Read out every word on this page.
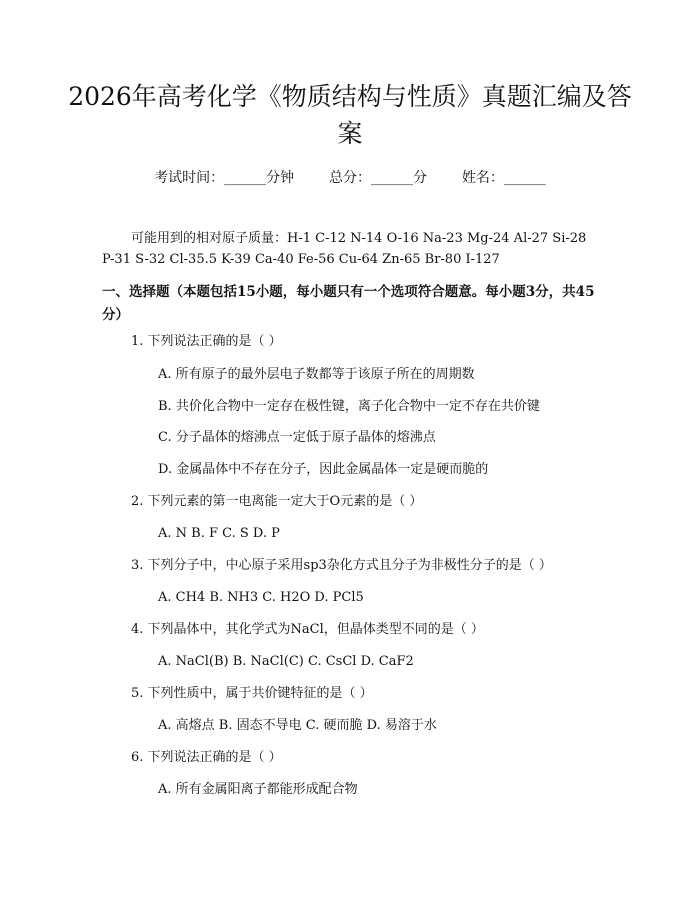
2026年高考化学《物质结构与性质》真题汇编及答案
考试时间：______分钟 总分：______分 姓名：______
可能用到的相对原子质量：H-1 C-12 N-14 O-16 Na-23 Mg-24 Al-27 Si-28
P-31 S-32 Cl-35.5 K-39 Ca-40 Fe-56 Cu-64 Zn-65 Br-80 I-127
一、选择题（本题包括15小题，每小题只有一个选项符合题意。每小题3分，共45分）
1. 下列说法正确的是（ ）
A. 所有原子的最外层电子数都等于该原子所在的周期数
B. 共价化合物中一定存在极性键，离子化合物中一定不存在共价键
C. 分子晶体的熔沸点一定低于原子晶体的熔沸点
D. 金属晶体中不存在分子，因此金属晶体一定是硬而脆的
2. 下列元素的第一电离能一定大于O元素的是（ ）
A. N B. F C. S D. P
3. 下列分子中，中心原子采用sp3杂化方式且分子为非极性分子的是（ ）
A. CH4 B. NH3 C. H2O D. PCl5
4. 下列晶体中，其化学式为NaCl，但晶体类型不同的是（ ）
A. NaCl(B) B. NaCl(C) C. CsCl D. CaF2
5. 下列性质中，属于共价键特征的是（ ）
A. 高熔点 B. 固态不导电 C. 硬而脆 D. 易溶于水
6. 下列说法正确的是（ ）
A. 所有金属阳离子都能形成配合物
